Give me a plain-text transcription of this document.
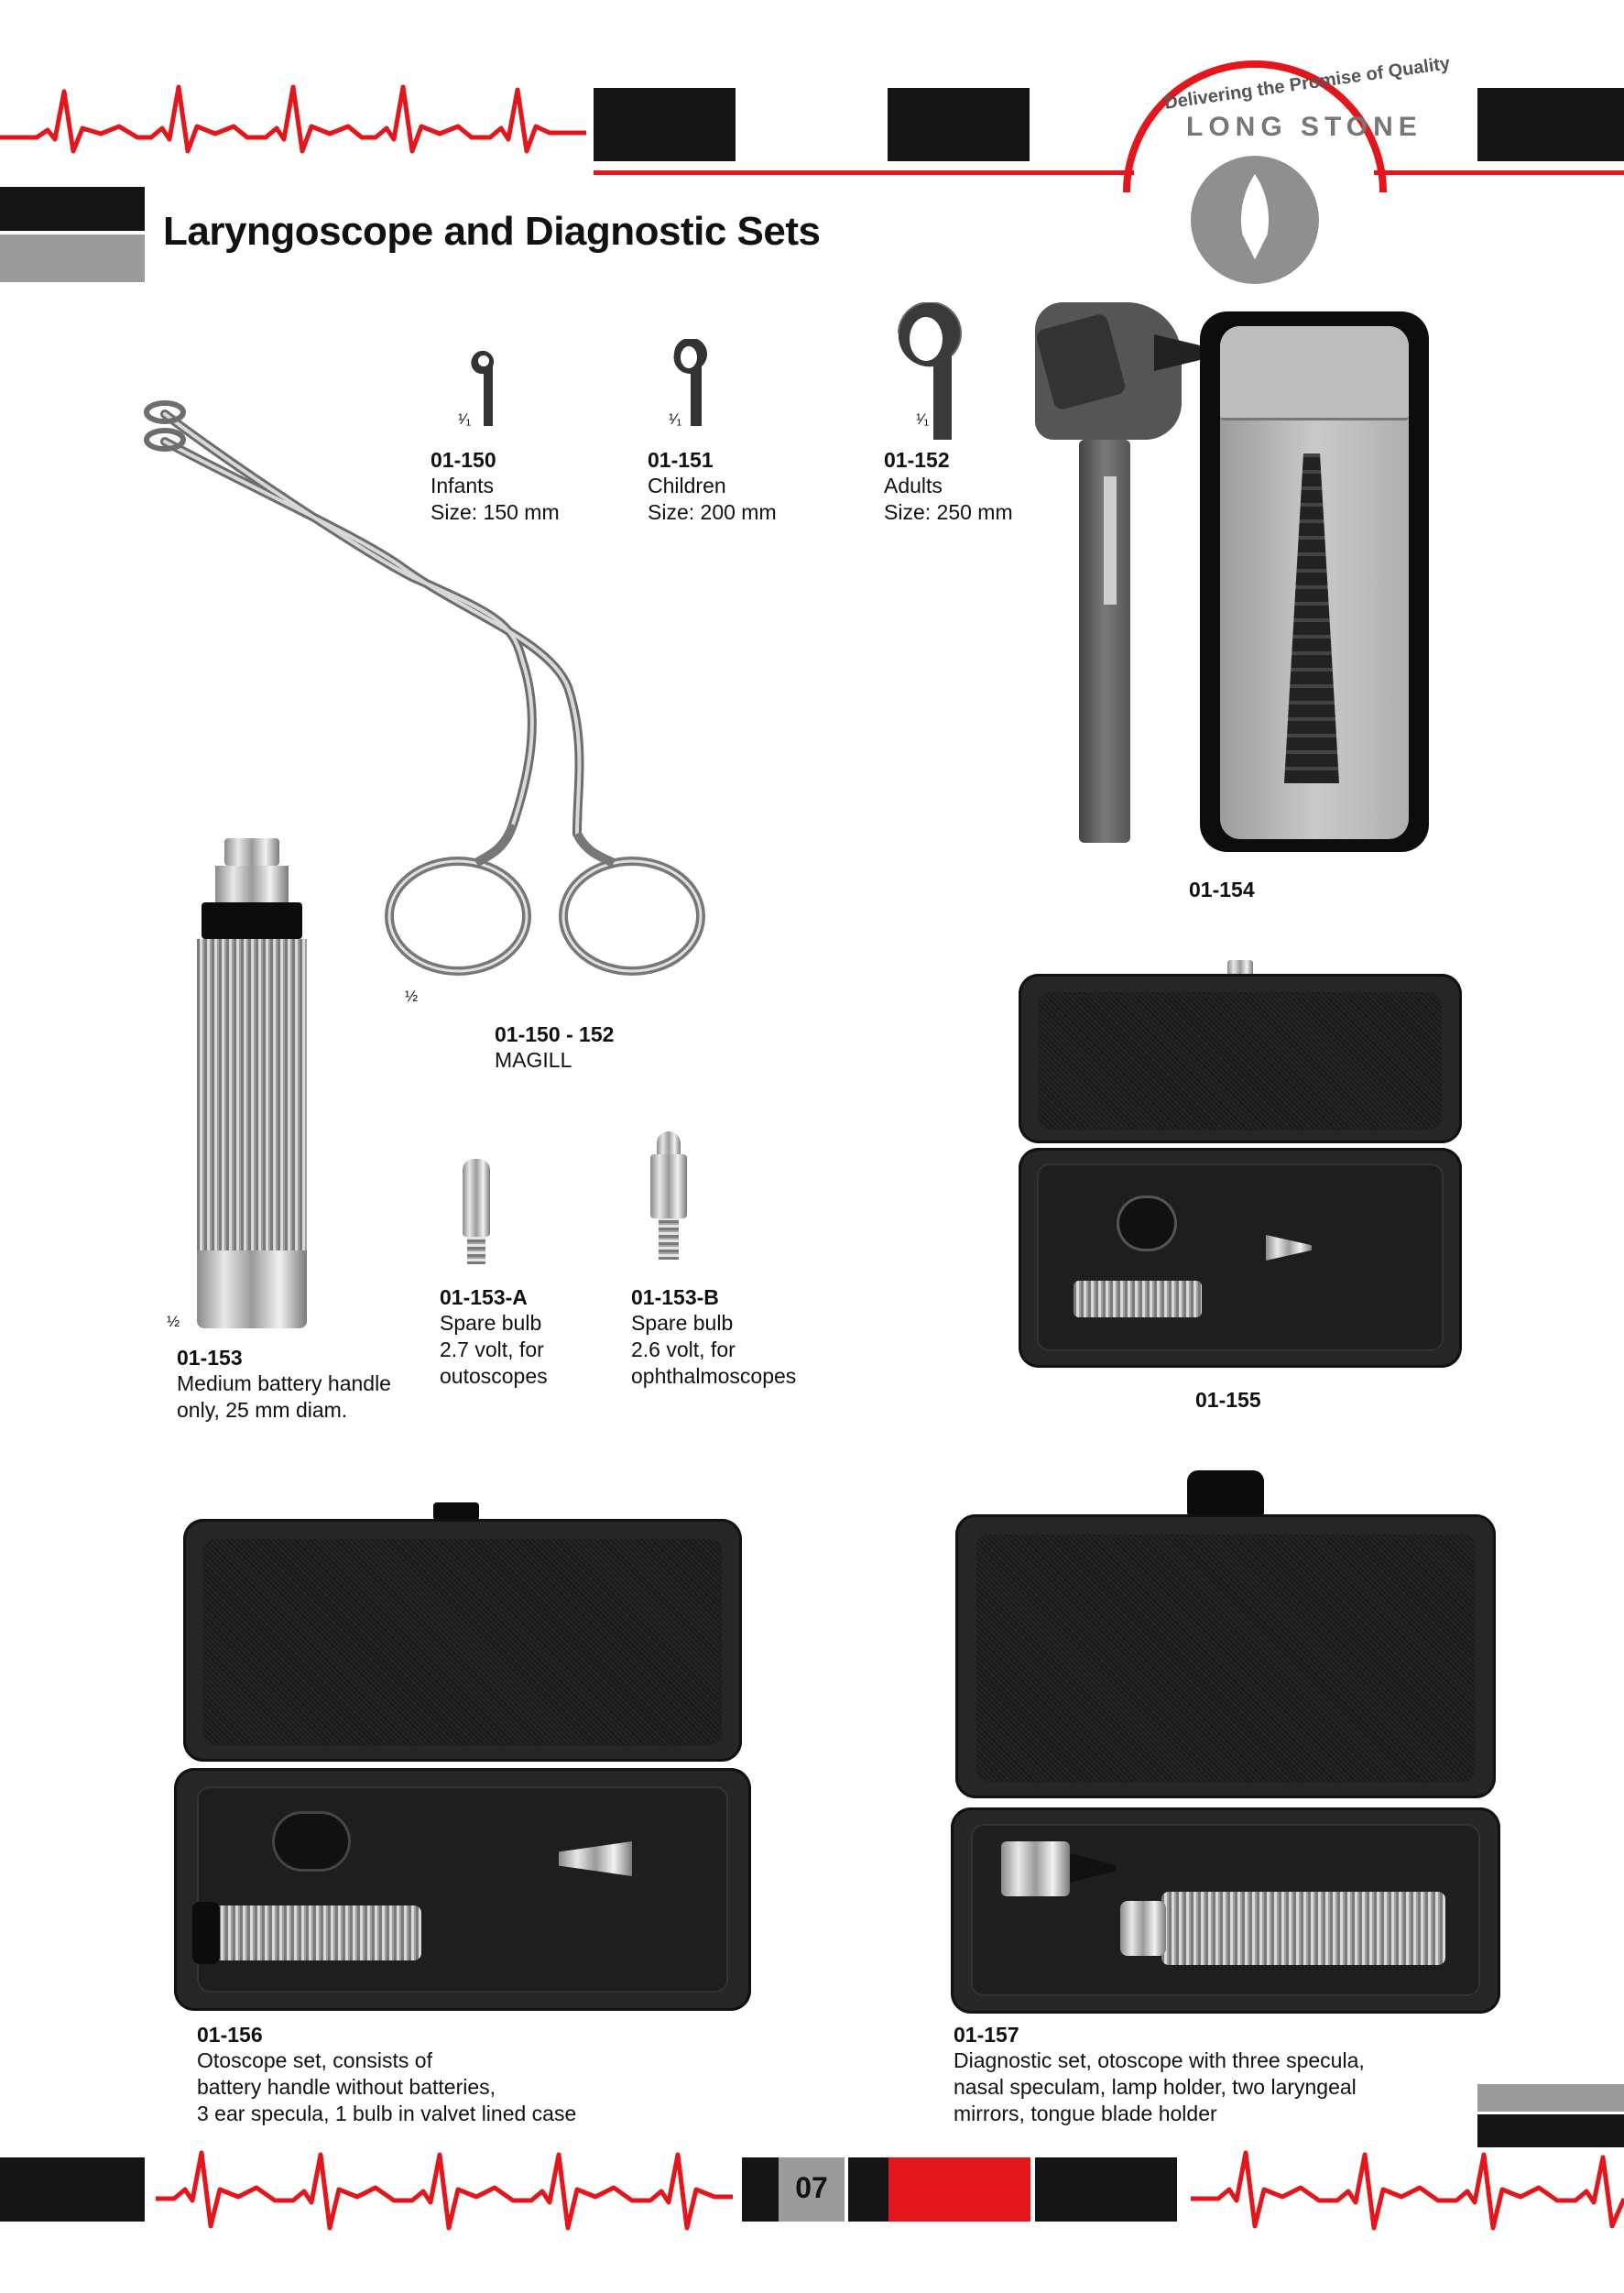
Delivering the Promise of Quality
LONG STONE
Laryngoscope and Diagnostic Sets
¹⁄₁
01-150
Infants
Size: 150 mm
¹⁄₁
01-151
Children
Size: 200 mm
¹⁄₁
01-152
Adults
Size: 250 mm
½
01-150 - 152
MAGILL
01-154
½
01-153
Medium battery handle
only, 25 mm diam.
01-153-A
Spare bulb
2.7 volt, for
outoscopes
01-153-B
Spare bulb
2.6 volt, for
ophthalmoscopes
01-155
01-156
Otoscope set, consists of
battery handle without batteries,
3 ear specula, 1 bulb in valvet lined case
01-157
Diagnostic set, otoscope with three specula,
nasal speculam, lamp holder, two laryngeal
mirrors, tongue blade holder
07
